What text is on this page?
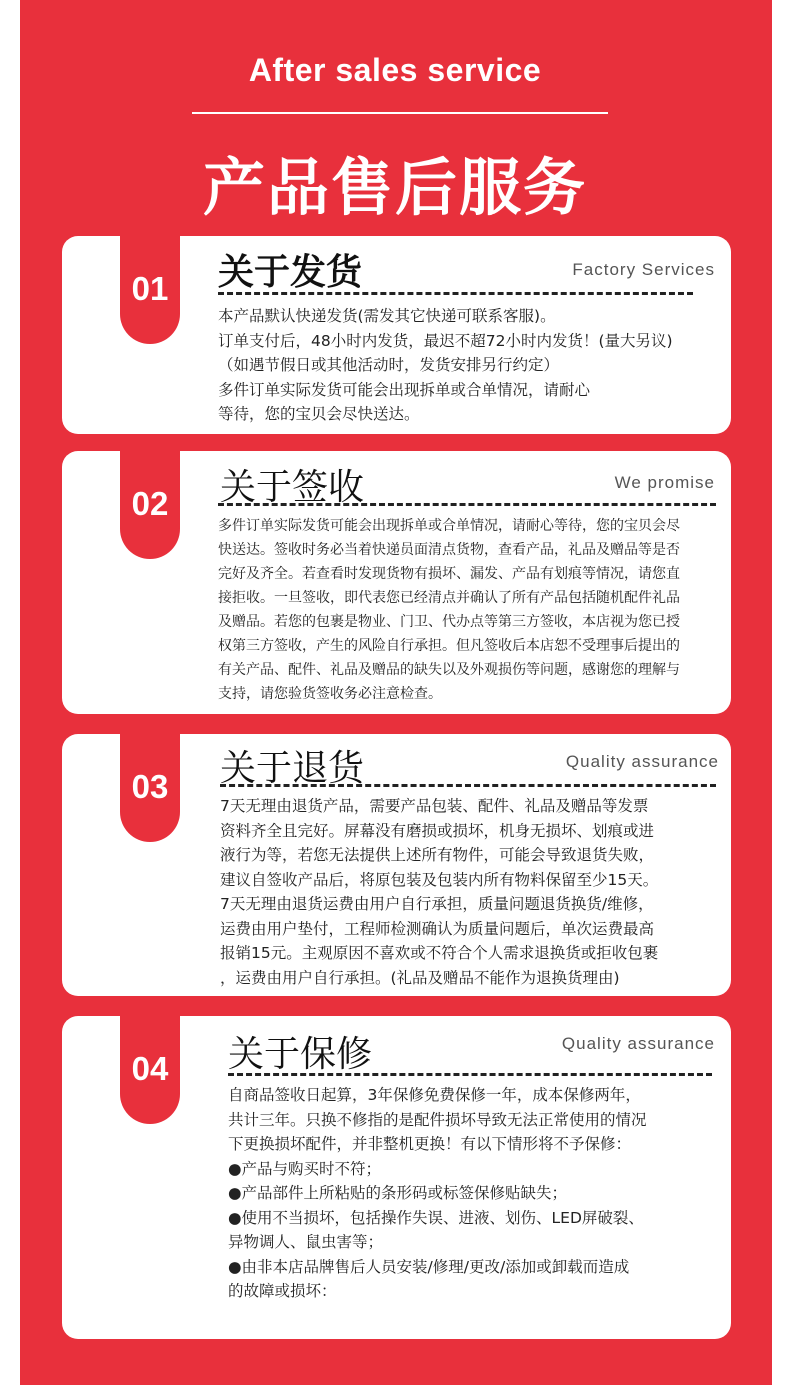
After sales service
产品售后服务
01	关于发货	Factory Services
本产品默认快递发货(需发其它快递可联系客服)。
订单支付后，48小时内发货，最迟不超72小时内发货！(量大另议)
（如遇节假日或其他活动时，发货安排另行约定）
多件订单实际发货可能会出现拆单或合单情况，请耐心
等待，您的宝贝会尽快送达。
02	关于签收	We promise
多件订单实际发货可能会出现拆单或合单情况，请耐心等待，您的宝贝会尽
快送达。签收时务必当着快递员面清点货物，查看产品，礼品及赠品等是否
完好及齐全。若查看时发现货物有损坏、漏发、产品有划痕等情况，请您直
接拒收。一旦签收，即代表您已经清点并确认了所有产品包括随机配件礼品
及赠品。若您的包裹是物业、门卫、代办点等第三方签收，本店视为您已授
权第三方签收，产生的风险自行承担。但凡签收后本店恕不受理事后提出的
有关产品、配件、礼品及赠品的缺失以及外观损伤等问题，感谢您的理解与
支持，请您验货签收务必注意检查。
03	关于退货	Quality assurance
7天无理由退货产品，需要产品包装、配件、礼品及赠品等发票
资料齐全且完好。屏幕没有磨损或损坏，机身无损坏、划痕或进
液行为等，若您无法提供上述所有物件，可能会导致退货失败，
建议自签收产品后，将原包装及包装内所有物料保留至少15天。
7天无理由退货运费由用户自行承担，质量问题退货换货/维修，
运费由用户垫付，工程师检测确认为质量问题后，单次运费最高
报销15元。主观原因不喜欢或不符合个人需求退换货或拒收包裹
，运费由用户自行承担。(礼品及赠品不能作为退换货理由)
04	关于保修	Quality assurance
自商品签收日起算，3年保修免费保修一年，成本保修两年，
共计三年。只换不修指的是配件损坏导致无法正常使用的情况
下更换损坏配件，并非整机更换！有以下情形将不予保修：
●产品与购买时不符；
●产品部件上所粘贴的条形码或标签保修贴缺失；
●使用不当损坏，包括操作失误、进液、划伤、LED屏破裂、
异物调人、鼠虫害等；
●由非本店品牌售后人员安装/修理/更改/添加或卸载而造成
的故障或损坏：
